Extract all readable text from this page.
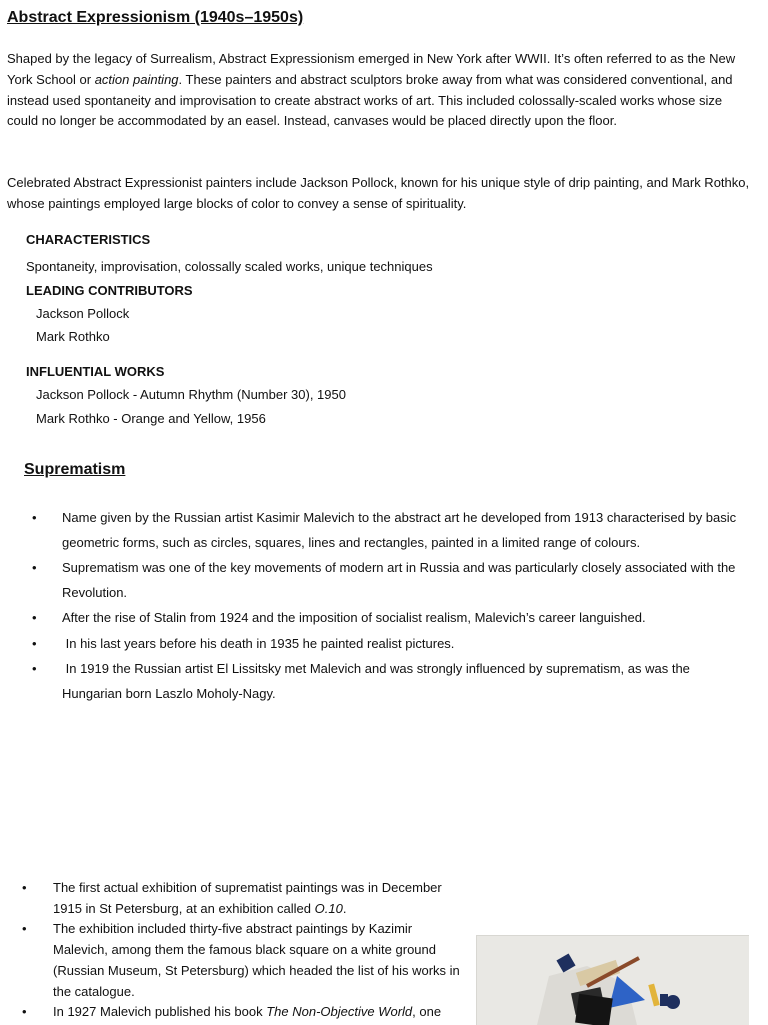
Abstract Expressionism (1940s–1950s)
Shaped by the legacy of Surrealism, Abstract Expressionism emerged in New York after WWII. It’s often referred to as the New York School or action painting. These painters and abstract sculptors broke away from what was considered conventional, and instead used spontaneity and improvisation to create abstract works of art. This included colossally-scaled works whose size could no longer be accommodated by an easel. Instead, canvases would be placed directly upon the floor.
Celebrated Abstract Expressionist painters include Jackson Pollock, known for his unique style of drip painting, and Mark Rothko, whose paintings employed large blocks of color to convey a sense of spirituality.
CHARACTERISTICS
Spontaneity, improvisation, colossally scaled works, unique techniques
LEADING CONTRIBUTORS
Jackson Pollock
Mark Rothko
INFLUENTIAL WORKS
Jackson Pollock - Autumn Rhythm (Number 30), 1950
Mark Rothko - Orange and Yellow, 1956
Suprematism
• Name given by the Russian artist Kasimir Malevich to the abstract art he developed from 1913 characterised by basic geometric forms, such as circles, squares, lines and rectangles, painted in a limited range of colours.
• Suprematism was one of the key movements of modern art in Russia and was particularly closely associated with the Revolution.
• After the rise of Stalin from 1924 and the imposition of socialist realism, Malevich’s career languished.
• In his last years before his death in 1935 he painted realist pictures.
• In 1919 the Russian artist El Lissitsky met Malevich and was strongly influenced by suprematism, as was the Hungarian born Laszlo Moholy-Nagy.
• The first actual exhibition of suprematist paintings was in December 1915 in St Petersburg, at an exhibition called O.10.
• The exhibition included thirty-five abstract paintings by Kazimir Malevich, among them the famous black square on a white ground (Russian Museum, St Petersburg) which headed the list of his works in the catalogue.
• In 1927 Malevich published his book The Non-Objective World, one
